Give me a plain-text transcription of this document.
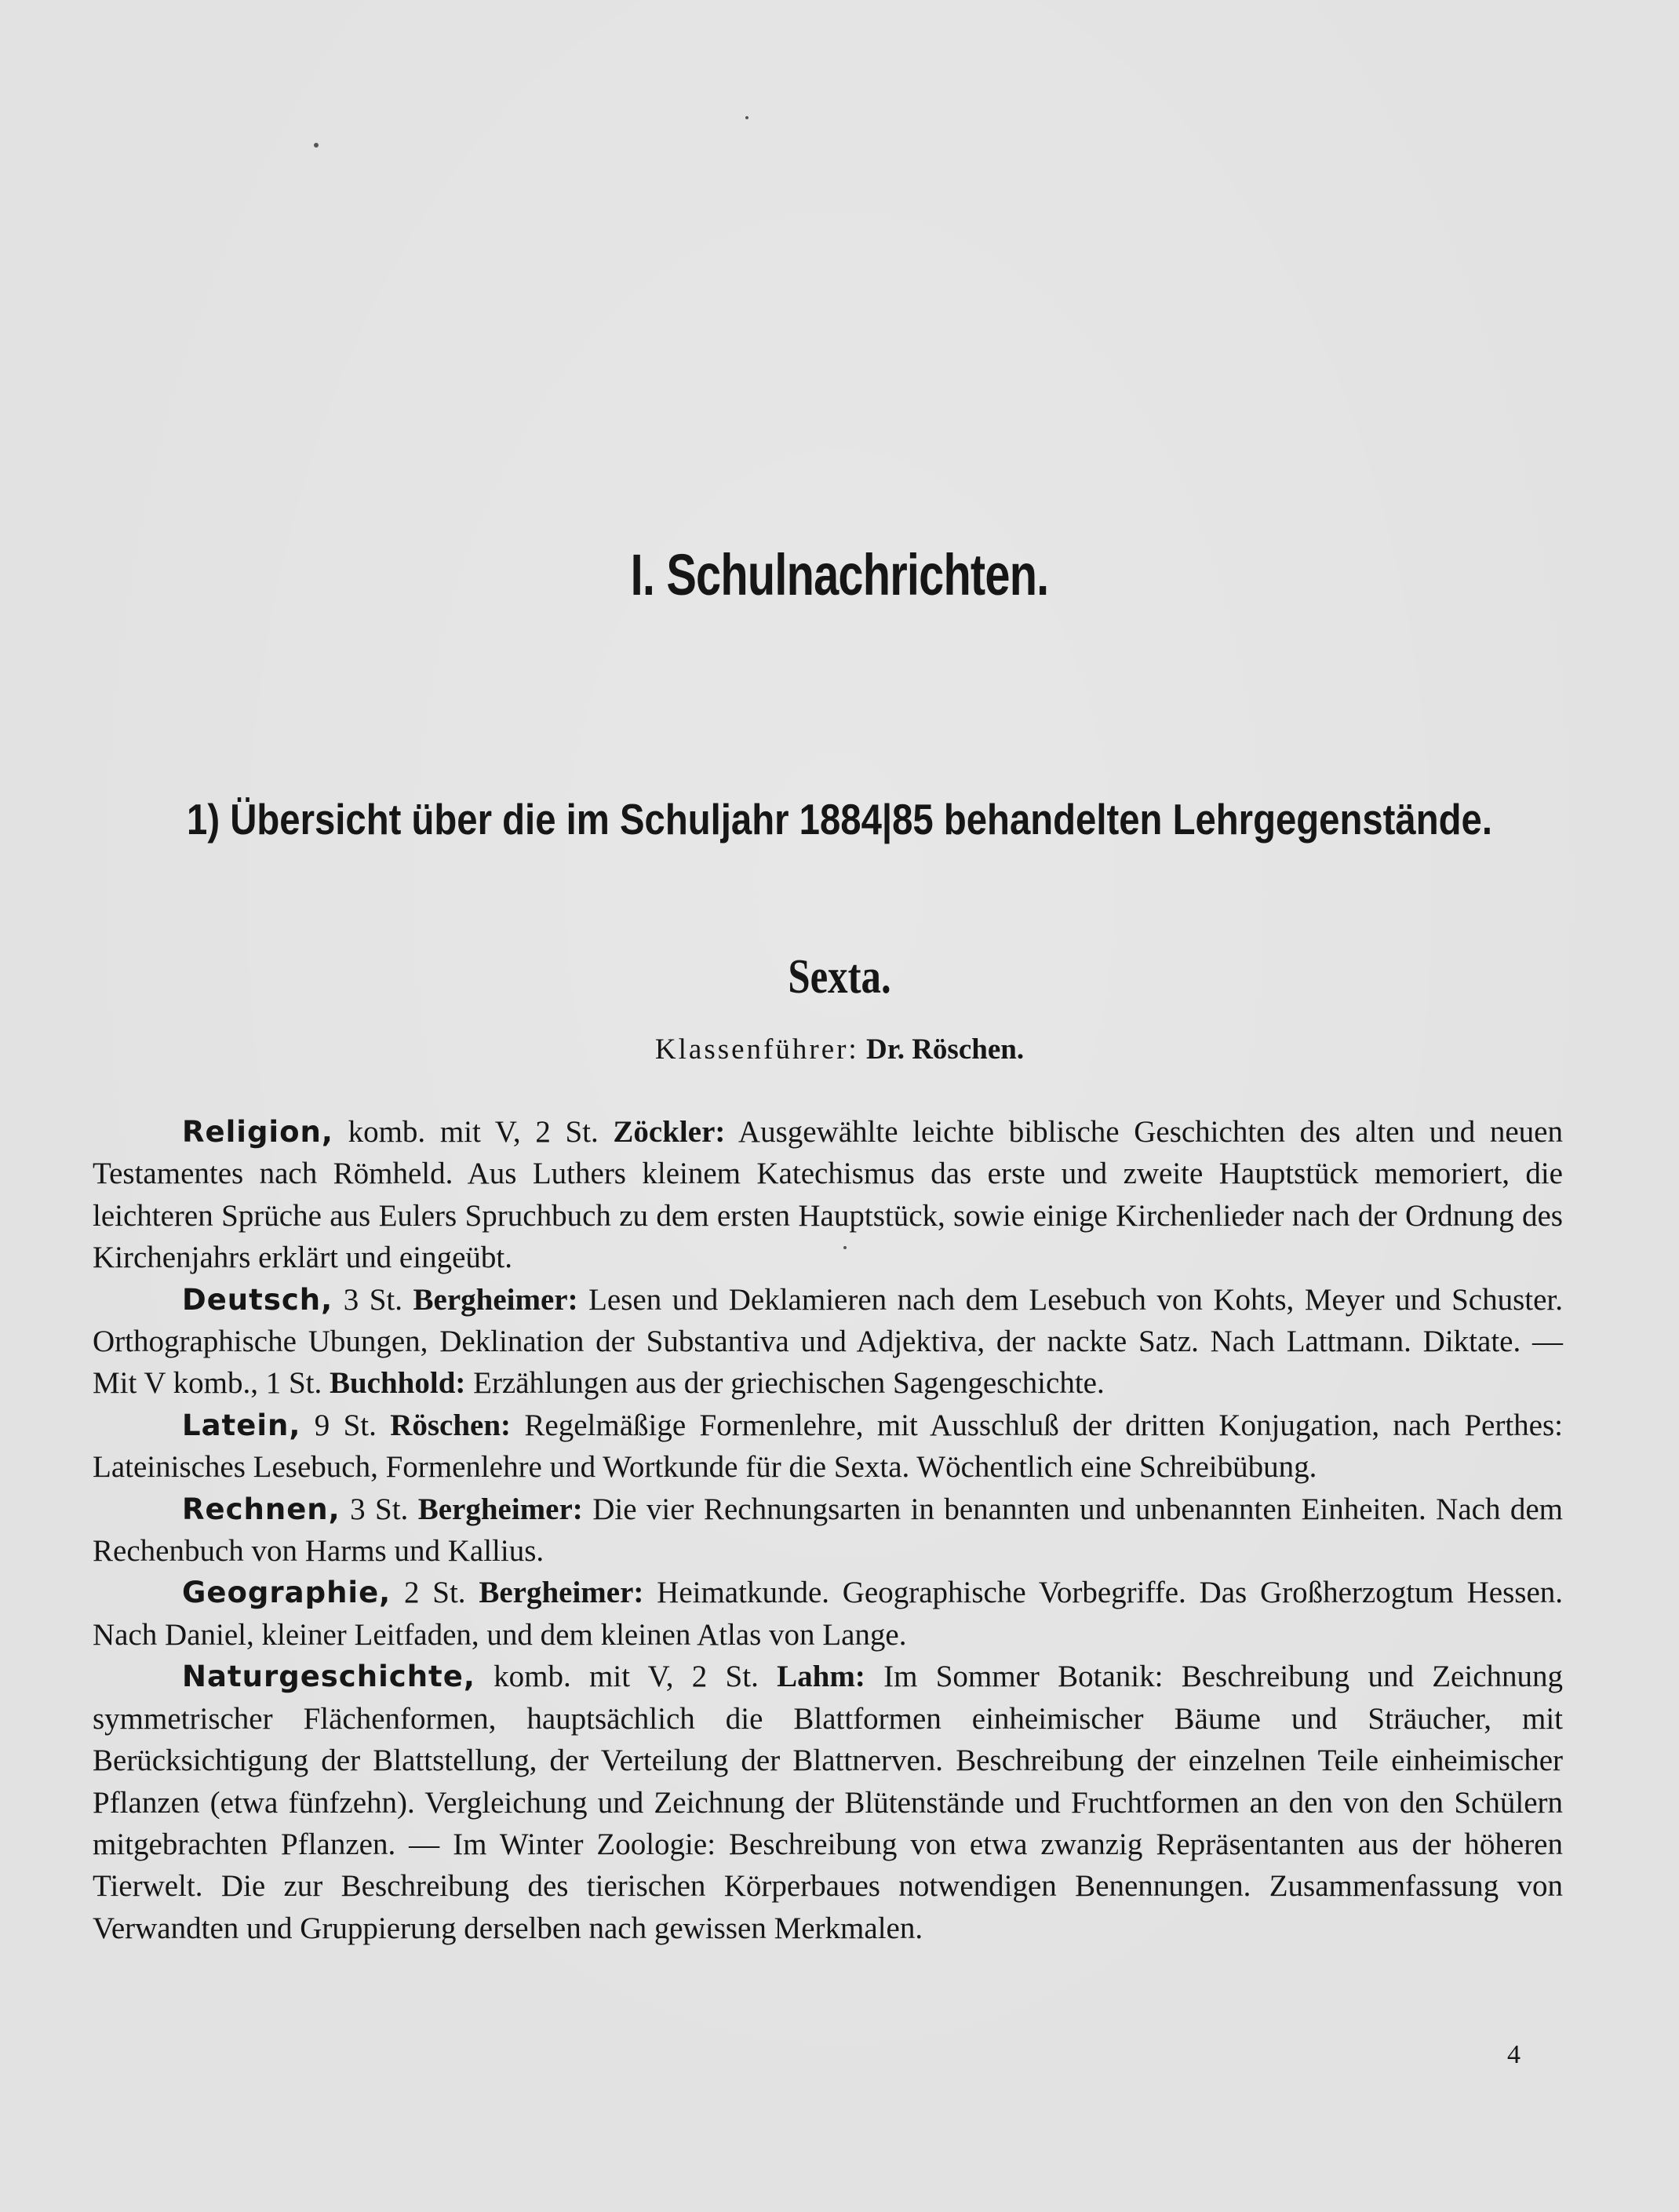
I. Schulnachrichten.
1) Übersicht über die im Schuljahr 1884|85 behandelten Lehrgegenstände.
Sexta.

Klassenführer: Dr. Röschen.

Religion, komb. mit V, 2 St. Zöckler: Ausgewählte leichte biblische Geschichten des alten und neuen Testamentes nach Römheld. Aus Luthers kleinem Katechismus das erste und zweite Hauptstück memoriert, die leichteren Sprüche aus Eulers Spruchbuch zu dem ersten Hauptstück, sowie einige Kirchenlieder nach der Ordnung des Kirchenjahrs erklärt und eingeübt.

Deutsch, 3 St. Bergheimer: Lesen und Deklamieren nach dem Lesebuch von Kohts, Meyer und Schuster. Orthographische Ubungen, Deklination der Substantiva und Adjektiva, der nackte Satz. Nach Lattmann. Diktate. — Mit V komb., 1 St. Buchhold: Erzählungen aus der griechischen Sagengeschichte.

Latein, 9 St. Röschen: Regelmäßige Formenlehre, mit Ausschluß der dritten Konjugation, nach Perthes: Lateinisches Lesebuch, Formenlehre und Wortkunde für die Sexta. Wöchentlich eine Schreibübung.

Rechnen, 3 St. Bergheimer: Die vier Rechnungsarten in benannten und unbenannten Einheiten. Nach dem Rechenbuch von Harms und Kallius.

Geographie, 2 St. Bergheimer: Heimatkunde. Geographische Vorbegriffe. Das Großherzogtum Hessen. Nach Daniel, kleiner Leitfaden, und dem kleinen Atlas von Lange.

Naturgeschichte, komb. mit V, 2 St. Lahm: Im Sommer Botanik: Beschreibung und Zeichnung symmetrischer Flächenformen, hauptsächlich die Blattformen einheimischer Bäume und Sträucher, mit Berücksichtigung der Blattstellung, der Verteilung der Blattnerven. Beschreibung der einzelnen Teile einheimischer Pflanzen (etwa fünfzehn). Vergleichung und Zeichnung der Blütenstände und Fruchtformen an den von den Schülern mitgebrachten Pflanzen. — Im Winter Zoologie: Beschreibung von etwa zwanzig Repräsentanten aus der höheren Tierwelt. Die zur Beschreibung des tierischen Körperbaues notwendigen Benennungen. Zusammenfassung von Verwandten und Gruppierung derselben nach gewissen Merkmalen.

4
